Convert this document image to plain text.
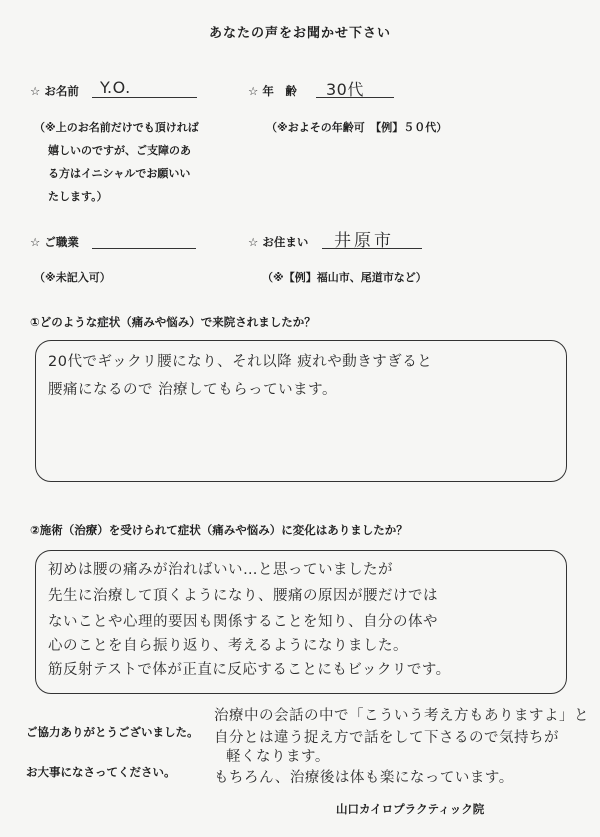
あなたの声をお聞かせ下さい
☆ お名前 Y.O.	☆ 年　齢 30代
（※上のお名前だけでも頂ければ
嬉しいのですが、ご支障のあ
る方はイニシャルでお願いい
たします。）
（※およその年齢可　【例】５０代）
☆ ご職業	☆ お住まい 井原市
（※未記入可）	（※【例】福山市、尾道市など）
①どのような症状（痛みや悩み）で来院されましたか？
20代でギックリ腰になり、それ以降 疲れや動きすぎると
腰痛になるので 治療してもらっています。
②施術（治療）を受けられて症状（痛みや悩み）に変化はありましたか？
初めは腰の痛みが治ればいい…と思っていましたが
先生に治療して頂くようになり、腰痛の原因が腰だけでは
ないことや心理的要因も関係することを知り、自分の体や
心のことを自ら振り返り、考えるようになりました。
筋反射テストで体が正直に反応することにもビックリです。
ご協力ありがとうございました。
お大事になさってください。
治療中の会話の中で「こういう考え方もありますよ」と
自分とは違う捉え方で話をして下さるので気持ちが
軽くなります。
もちろん、治療後は体も楽になっています。
山口カイロプラクティック院
